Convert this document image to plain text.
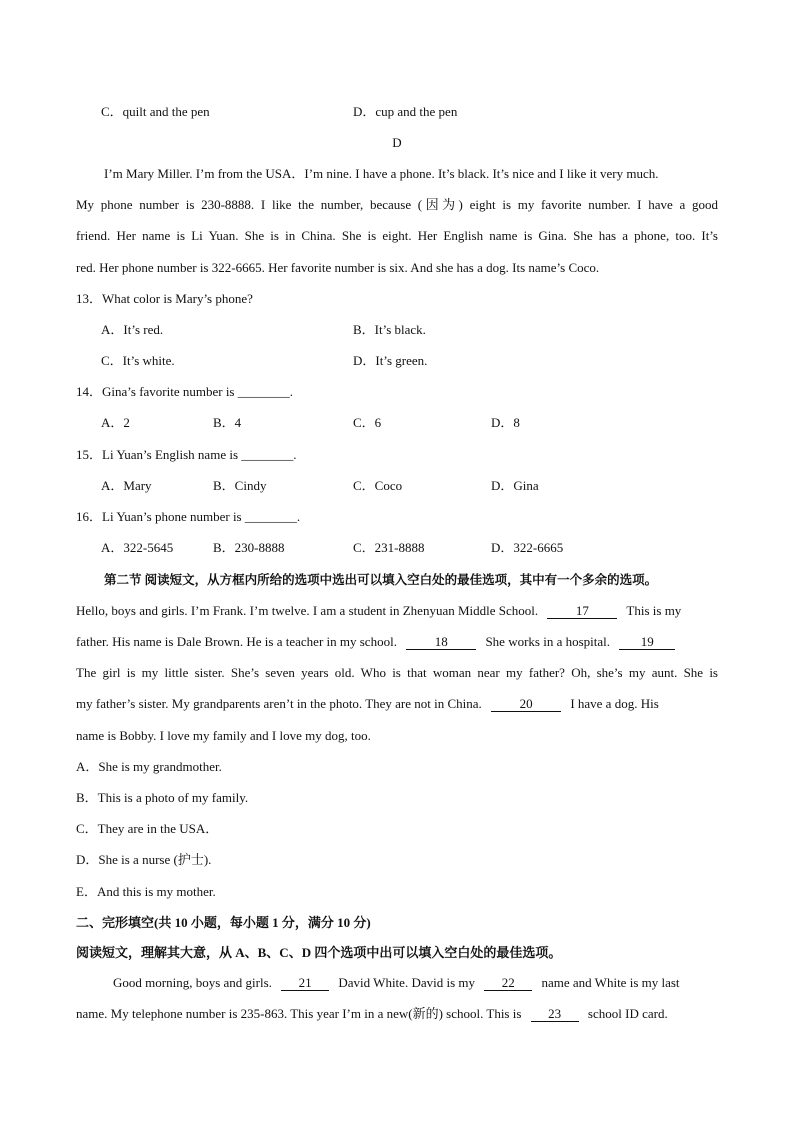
C．quilt and the pen	D．cup and the pen
D
I’m Mary Miller. I’m from the USA．I’m nine. I have a phone. It’s black. It’s nice and I like it very much.
My phone number is 230-8888. I like the number, because (因为) eight is my favorite number. I have a good
friend. Her name is Li Yuan. She is in China. She is eight. Her English name is Gina. She has a phone, too. It’s
red. Her phone number is 322-6665. Her favorite number is six. And she has a dog. Its name’s Coco.
13．What color is Mary’s phone?
A．It’s red.	B．It’s black.
C．It’s white.	D．It’s green.
14．Gina’s favorite number is ________.
A．2	B．4	C．6	D．8
15．Li Yuan’s English name is ________.
A．Mary	B．Cindy	C．Coco	D．Gina
16．Li Yuan’s phone number is ________.
A．322-5645	B．230-8888	C．231-8888	D．322-6665
第二节 阅读短文，从方框内所给的选项中选出可以填入空白处的最佳选项，其中有一个多余的选项。
Hello, boys and girls. I’m Frank. I’m twelve. I am a student in Zhenyuan Middle School.	17	This is my
father. His name is Dale Brown. He is a teacher in my school.	18	She works in a hospital. 19
The girl is my little sister. She’s seven years old. Who is that woman near my father? Oh, she’s my aunt. She is
my father’s sister. My grandparents aren’t in the photo. They are not in China.	20	I have a dog. His
name is Bobby. I love my family and I love my dog, too.
A．She is my grandmother.
B．This is a photo of my family.
C．They are in the USA．
D．She is a nurse (护士).
E．And this is my mother.
二、完形填空(共 10 小题，每小题 1 分，满分 10 分)
阅读短文，理解其大意，从 A、B、C、D 四个选项中出可以填入空白处的最佳选项。
Good morning, boys and girls. 21 David White. David is my 22 name and White is my last
name. My telephone number is 235-863. This year I’m in a new(新的) school. This is 23 school ID card.
